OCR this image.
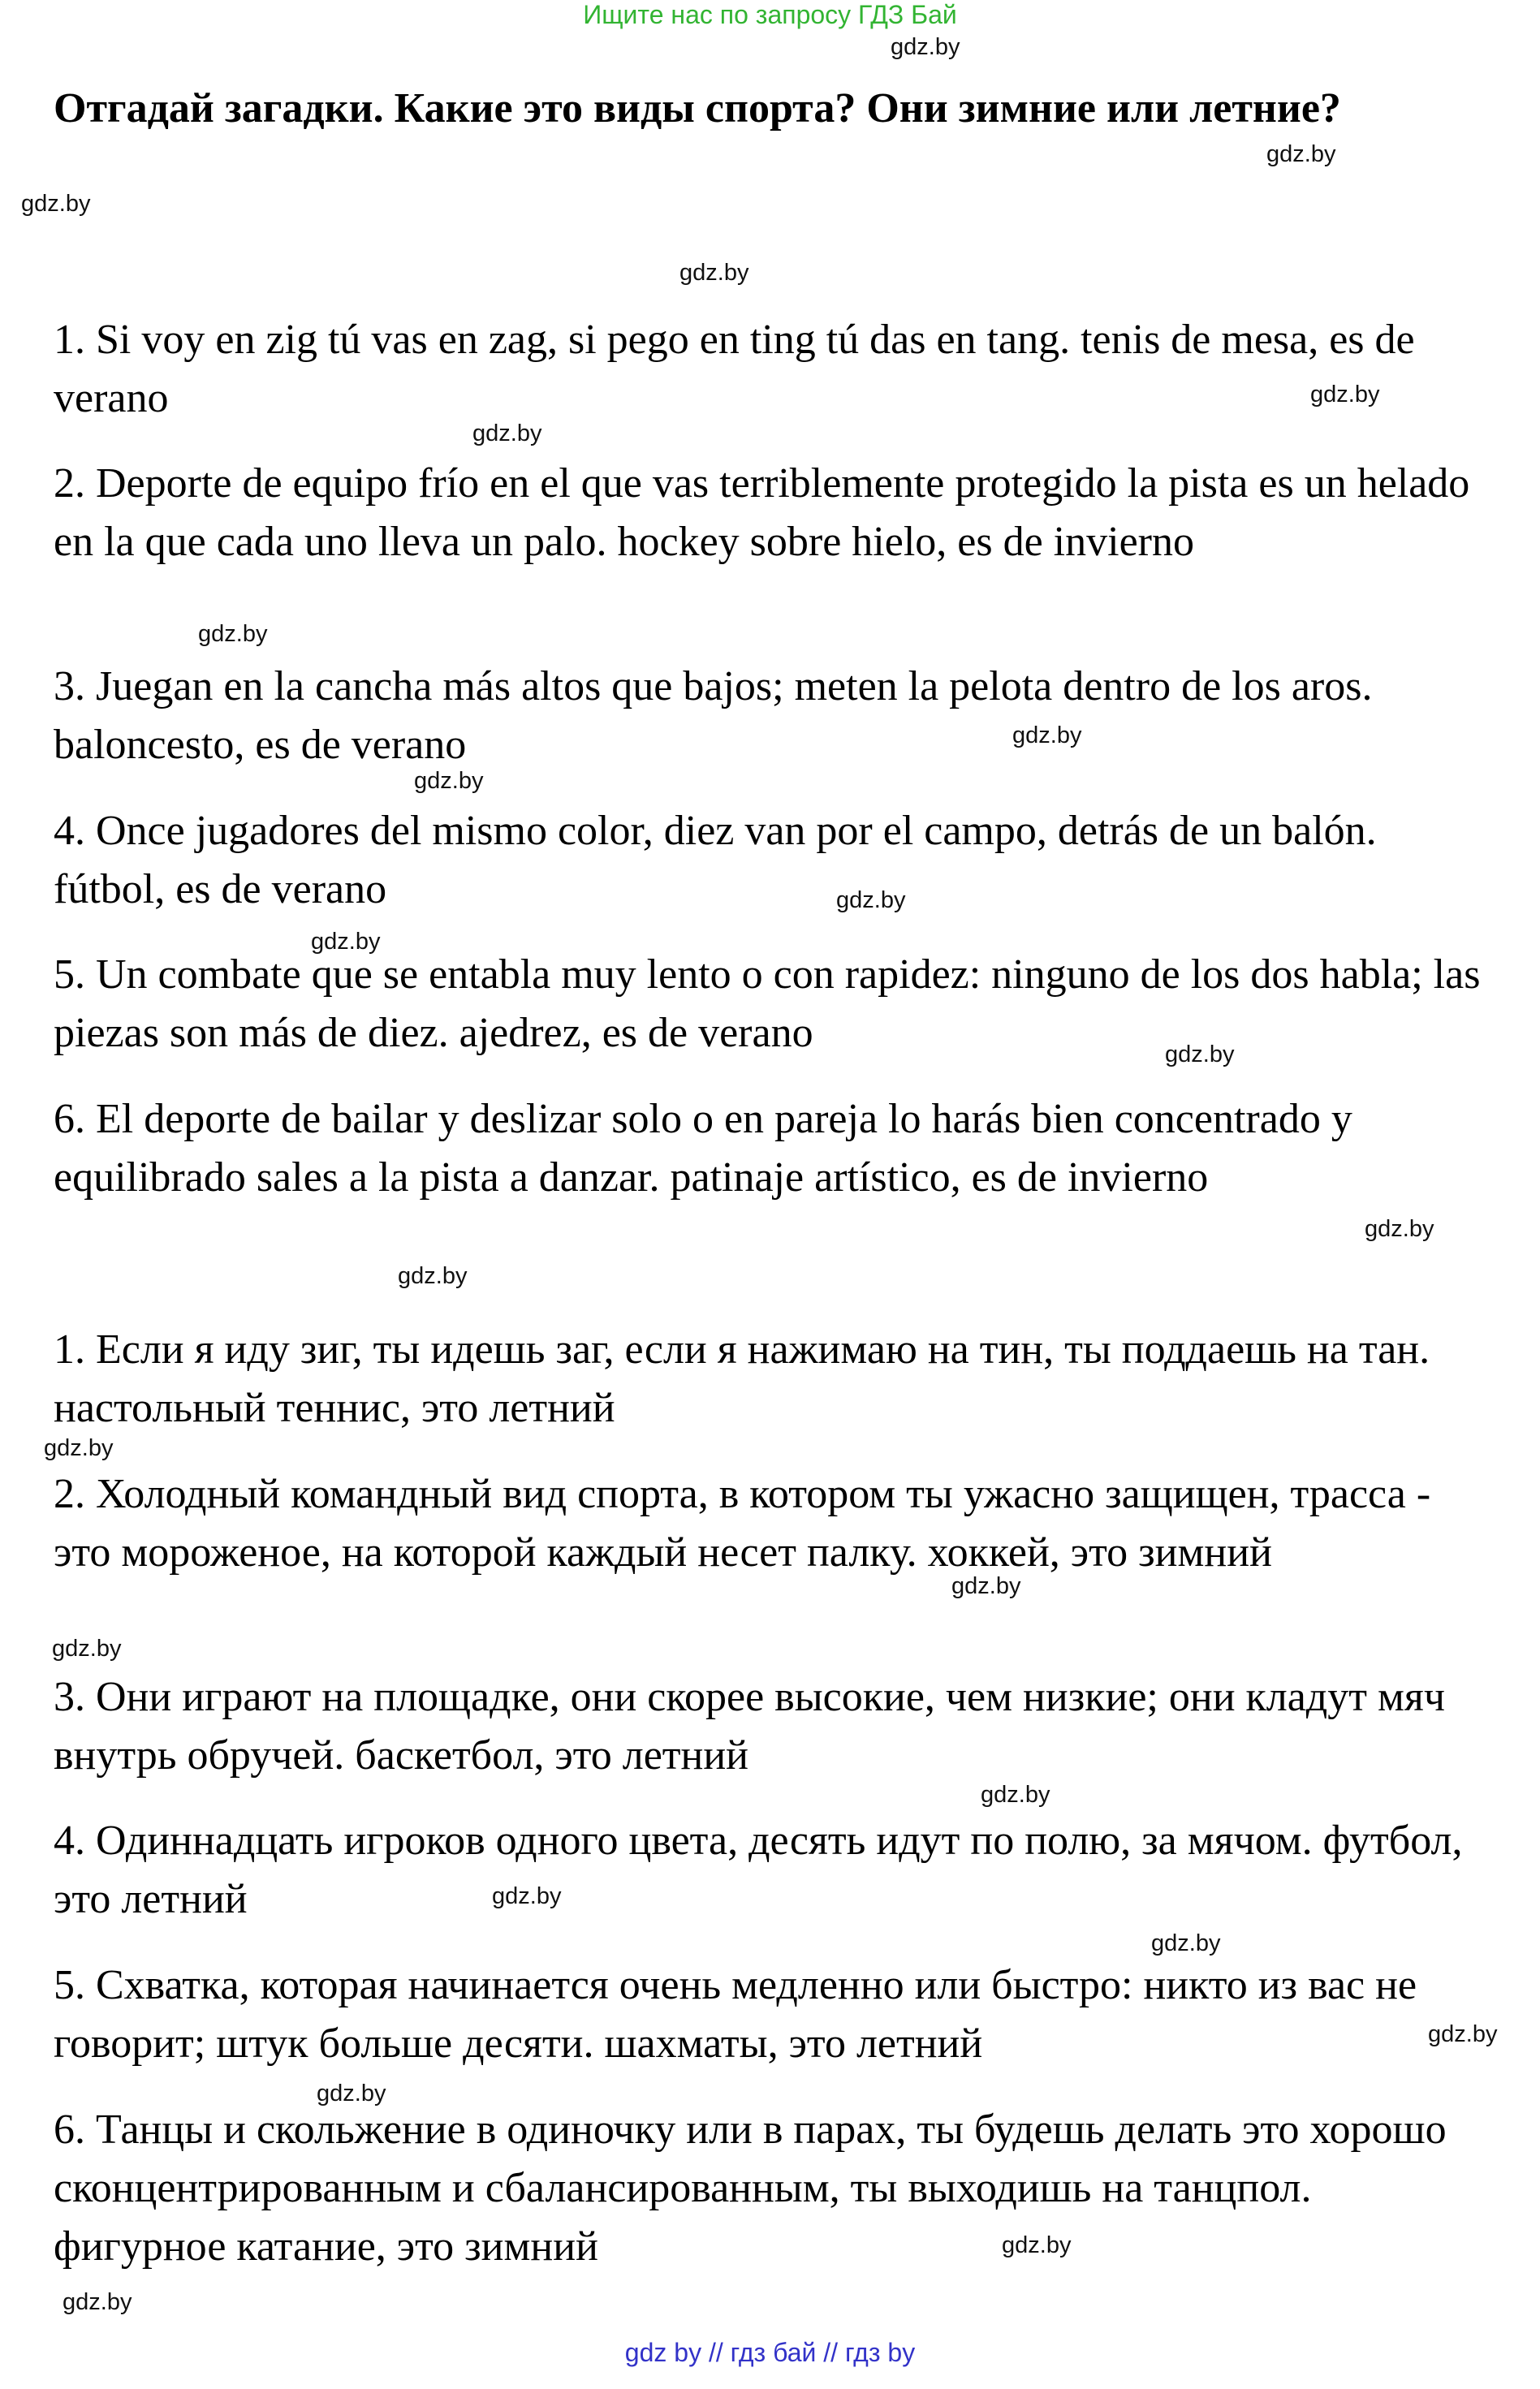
Ищите нас по запросу ГДЗ Бай
Отгадай загадки. Какие это виды спорта? Они зимние или летние?

1. Si voy en zig tú vas en zag, si pego en ting tú das en tang. tenis de mesa, es de verano

2. Deporte de equipo frío en el que vas terriblemente protegido la pista es un helado en la que cada uno lleva un palo. hockey sobre hielo, es de invierno

3. Juegan en la cancha más altos que bajos; meten la pelota dentro de los aros. baloncesto, es de verano

4. Once jugadores del mismo color, diez van por el campo, detrás de un balón. fútbol, es de verano

5. Un combate que se entabla muy lento o con rapidez: ninguno de los dos habla; las piezas son más de diez. ajedrez, es de verano

6. El deporte de bailar y deslizar solo o en pareja lo harás bien concentrado y equilibrado sales a la pista a danzar. patinaje artístico, es de invierno

1. Если я иду зиг, ты идешь заг, если я нажимаю на тин, ты поддаешь на тан. настольный теннис, это летний

2. Холодный командный вид спорта, в котором ты ужасно защищен, трасса - это мороженое, на которой каждый несет палку. хоккей, это зимний

3. Они играют на площадке, они скорее высокие, чем низкие; они кладут мяч внутрь обручей. баскетбол, это летний

4. Одиннадцать игроков одного цвета, десять идут по полю, за мячом. футбол, это летний

5. Схватка, которая начинается очень медленно или быстро: никто из вас не говорит; штук больше десяти. шахматы, это летний

6. Танцы и скольжение в одиночку или в парах, ты будешь делать это хорошо сконцентрированным и сбалансированным, ты выходишь на танцпол. фигурное катание, это зимний

gdz.by
gdz.by
gdz.by
gdz.by
gdz.by
gdz.by
gdz.by
gdz.by
gdz.by
gdz.by
gdz.by
gdz.by
gdz.by
gdz.by
gdz.by
gdz.by
gdz.by
gdz.by
gdz.by
gdz.by
gdz.by
gdz.by
gdz.by
gdz.by
gdz by // гдз бай // гдз by
